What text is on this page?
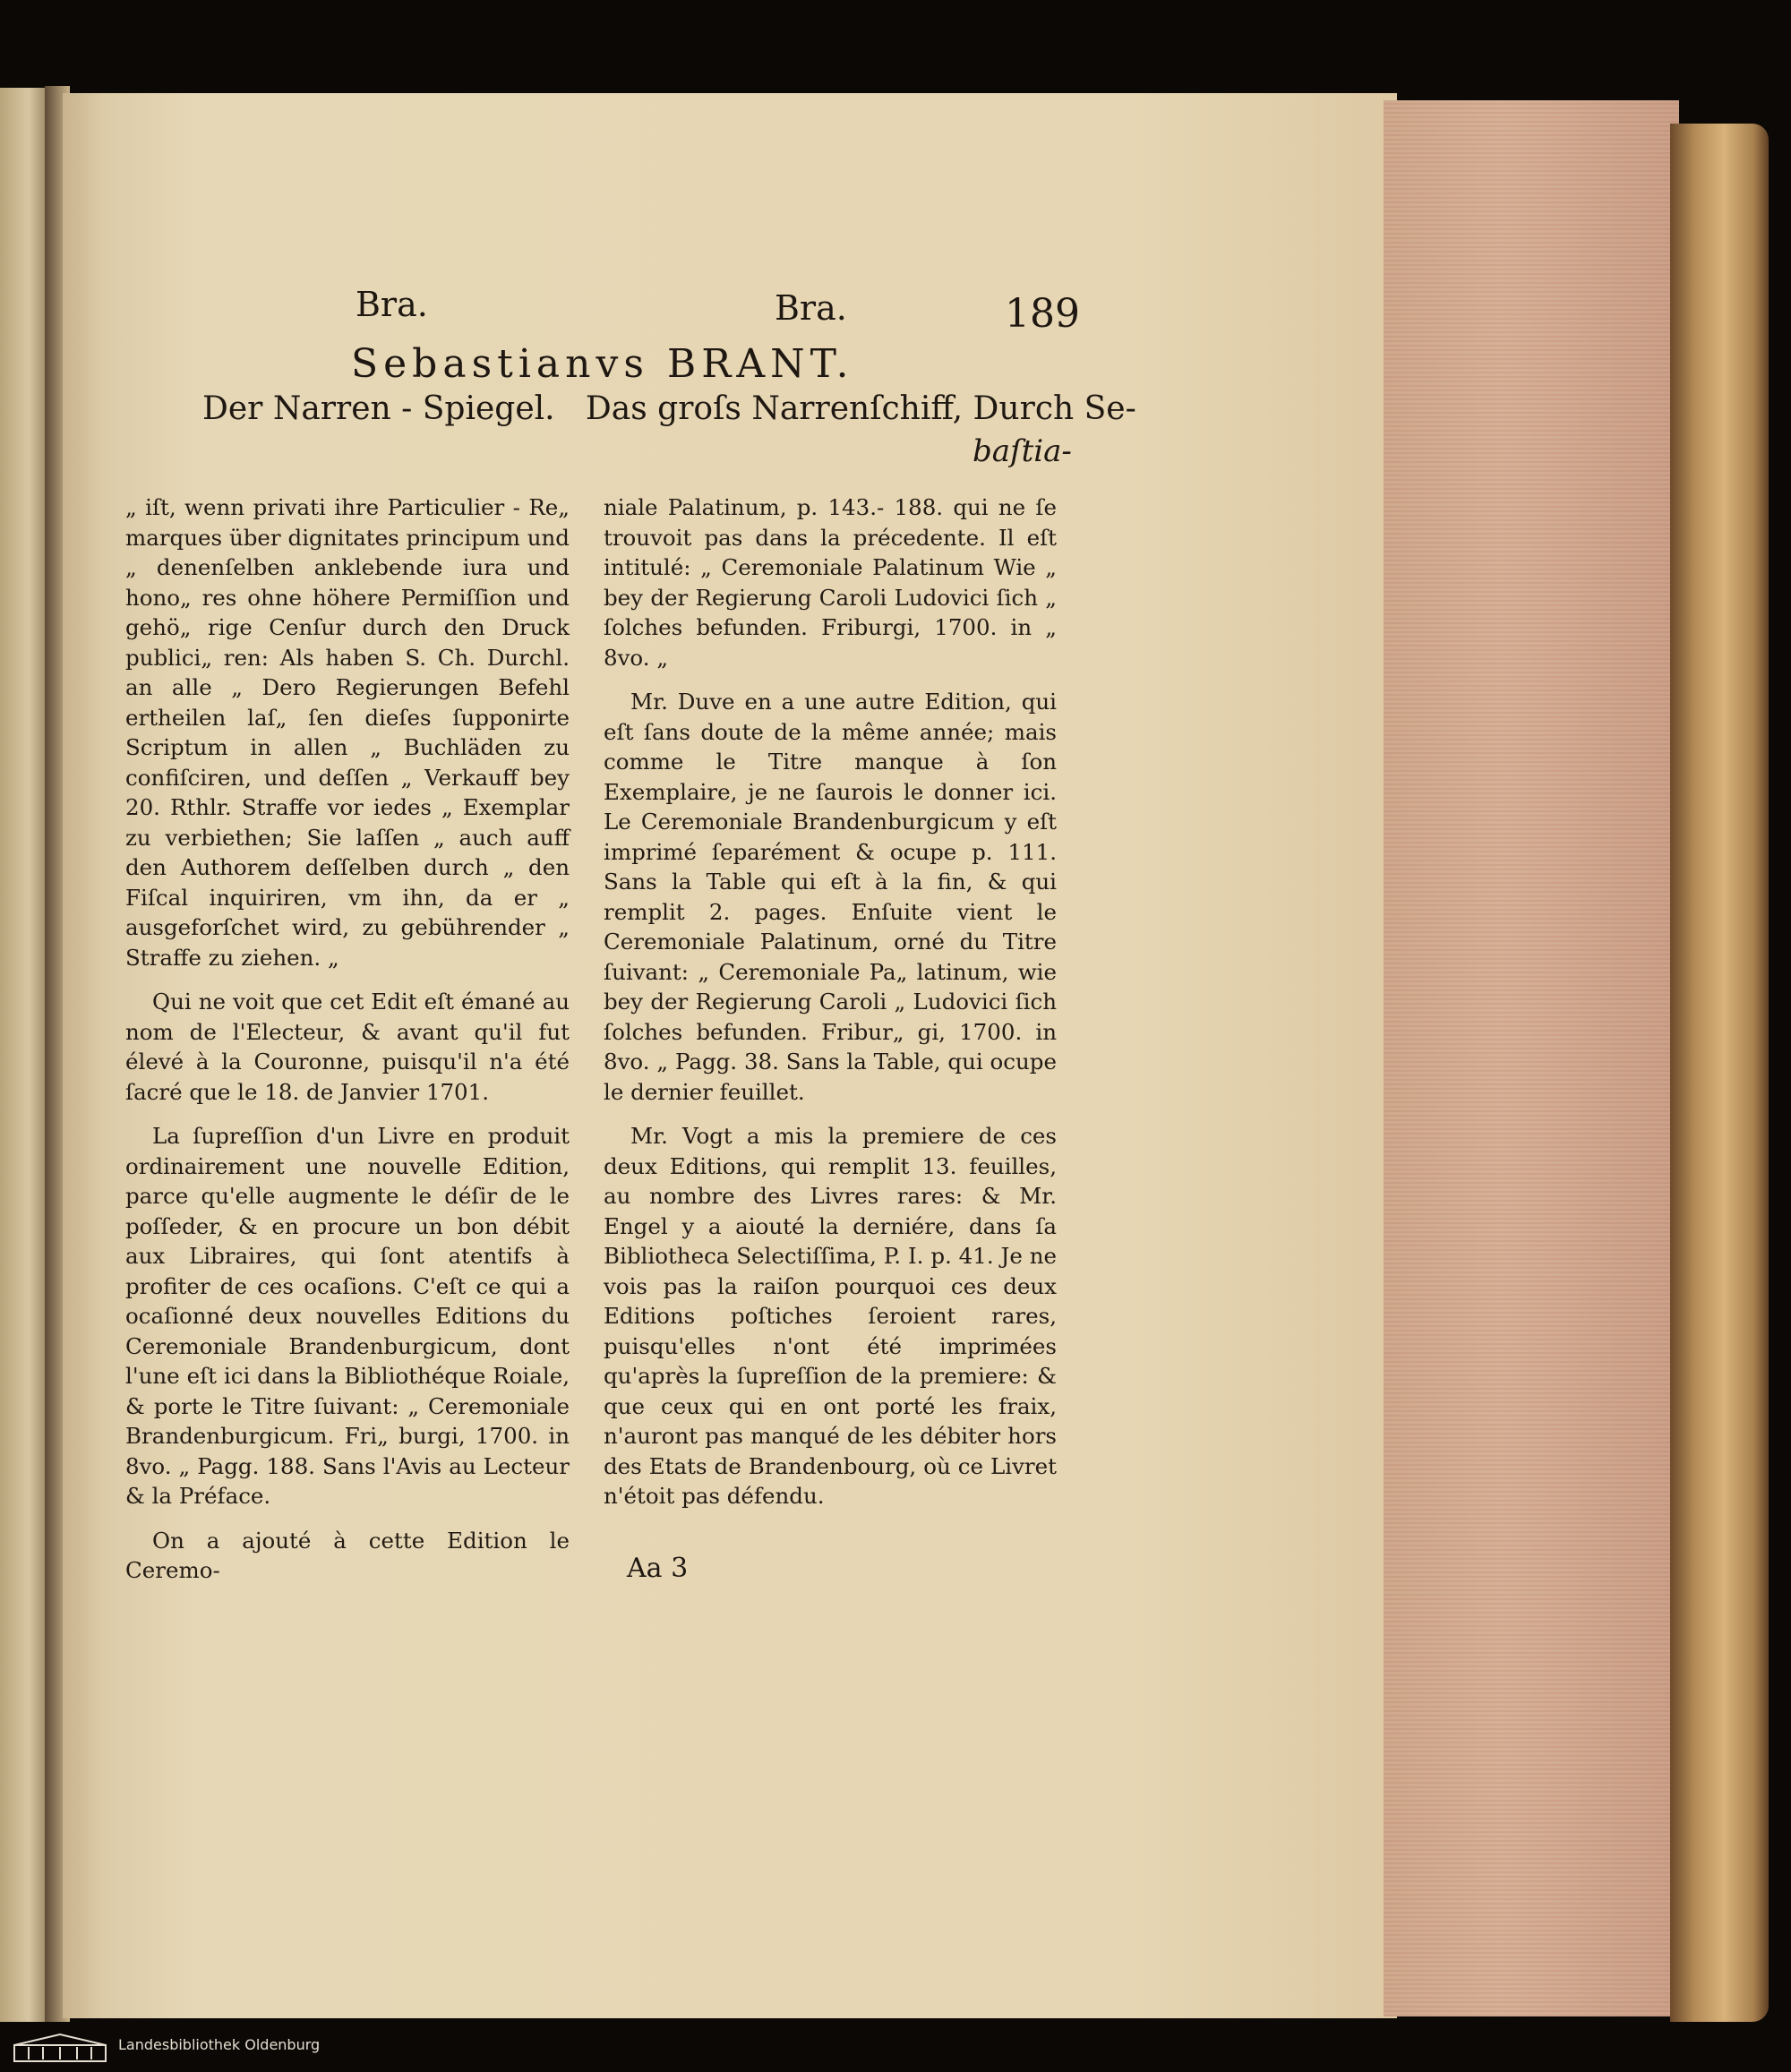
Bra.	Bra.	189
Sebastianvs BRANT.
Der Narren - Spiegel.   Das groſs Narrenſchiff, Durch Se-
baſtia-

„ iſt, wenn privati ihre Particulier - Re„ marques über dignitates principum und „ denenſelben anklebende iura und hono„ res ohne höhere Permiſſion und gehö„ rige Cenſur durch den Druck publici„ ren: Als haben S. Ch. Durchl. an alle „ Dero Regierungen Befehl ertheilen laſ„ ſen dieſes ſupponirte Scriptum in allen „ Buchläden zu confiſciren, und deſſen „ Verkauff bey 20. Rthlr. Straffe vor iedes „ Exemplar zu verbiethen; Sie laſſen „ auch auff den Authorem deſſelben durch „ den Fiſcal inquiriren, vm ihn, da er „ ausgeforſchet wird, zu gebührender „ Straffe zu ziehen. „

Qui ne voit que cet Edit eſt émané au nom de l'Electeur, & avant qu'il fut élevé à la Couronne, puisqu'il n'a été ſacré que le 18. de Janvier 1701.

La ſupreſſion d'un Livre en produit ordinairement une nouvelle Edition, parce qu'elle augmente le déſir de le poſſeder, & en procure un bon débit aux Libraires, qui ſont atentifs à profiter de ces ocaſions. C'eſt ce qui a ocaſionné deux nouvelles Editions du Ceremoniale Brandenburgicum, dont l'une eſt ici dans la Bibliothéque Roiale, & porte le Titre ſuivant: „ Ceremoniale Brandenburgicum. Fri„ burgi, 1700. in 8vo. „ Pagg. 188. Sans l'Avis au Lecteur & la Préface.

On a ajouté à cette Edition le Ceremo-

niale Palatinum, p. 143.- 188. qui ne ſe trouvoit pas dans la précedente. Il eſt intitulé: „ Ceremoniale Palatinum Wie „ bey der Regierung Caroli Ludovici ſich „ ſolches befunden. Friburgi, 1700. in „ 8vo. „

Mr. Duve en a une autre Edition, qui eſt ſans doute de la même année; mais comme le Titre manque à ſon Exemplaire, je ne ſaurois le donner ici. Le Ceremoniale Brandenburgicum y eſt imprimé ſeparément & ocupe p. 111. Sans la Table qui eſt à la fin, & qui remplit 2. pages. Enſuite vient le Ceremoniale Palatinum, orné du Titre ſuivant: „ Ceremoniale Pa„ latinum, wie bey der Regierung Caroli „ Ludovici ſich ſolches befunden. Fribur„ gi, 1700. in 8vo. „ Pagg. 38. Sans la Table, qui ocupe le dernier feuillet.

Mr. Vogt a mis la premiere de ces deux Editions, qui remplit 13. feuilles, au nombre des Livres rares: & Mr. Engel y a aiouté la derniére, dans ſa Bibliotheca Selectiſſima, P. I. p. 41. Je ne vois pas la raiſon pourquoi ces deux Editions poſtiches ſeroient rares, puisqu'elles n'ont été imprimées qu'après la ſupreſſion de la premiere: & que ceux qui en ont porté les fraix, n'auront pas manqué de les débiter hors des Etats de Brandenbourg, où ce Livret n'étoit pas défendu.

Aa 3
Landesbibliothek Oldenburg
